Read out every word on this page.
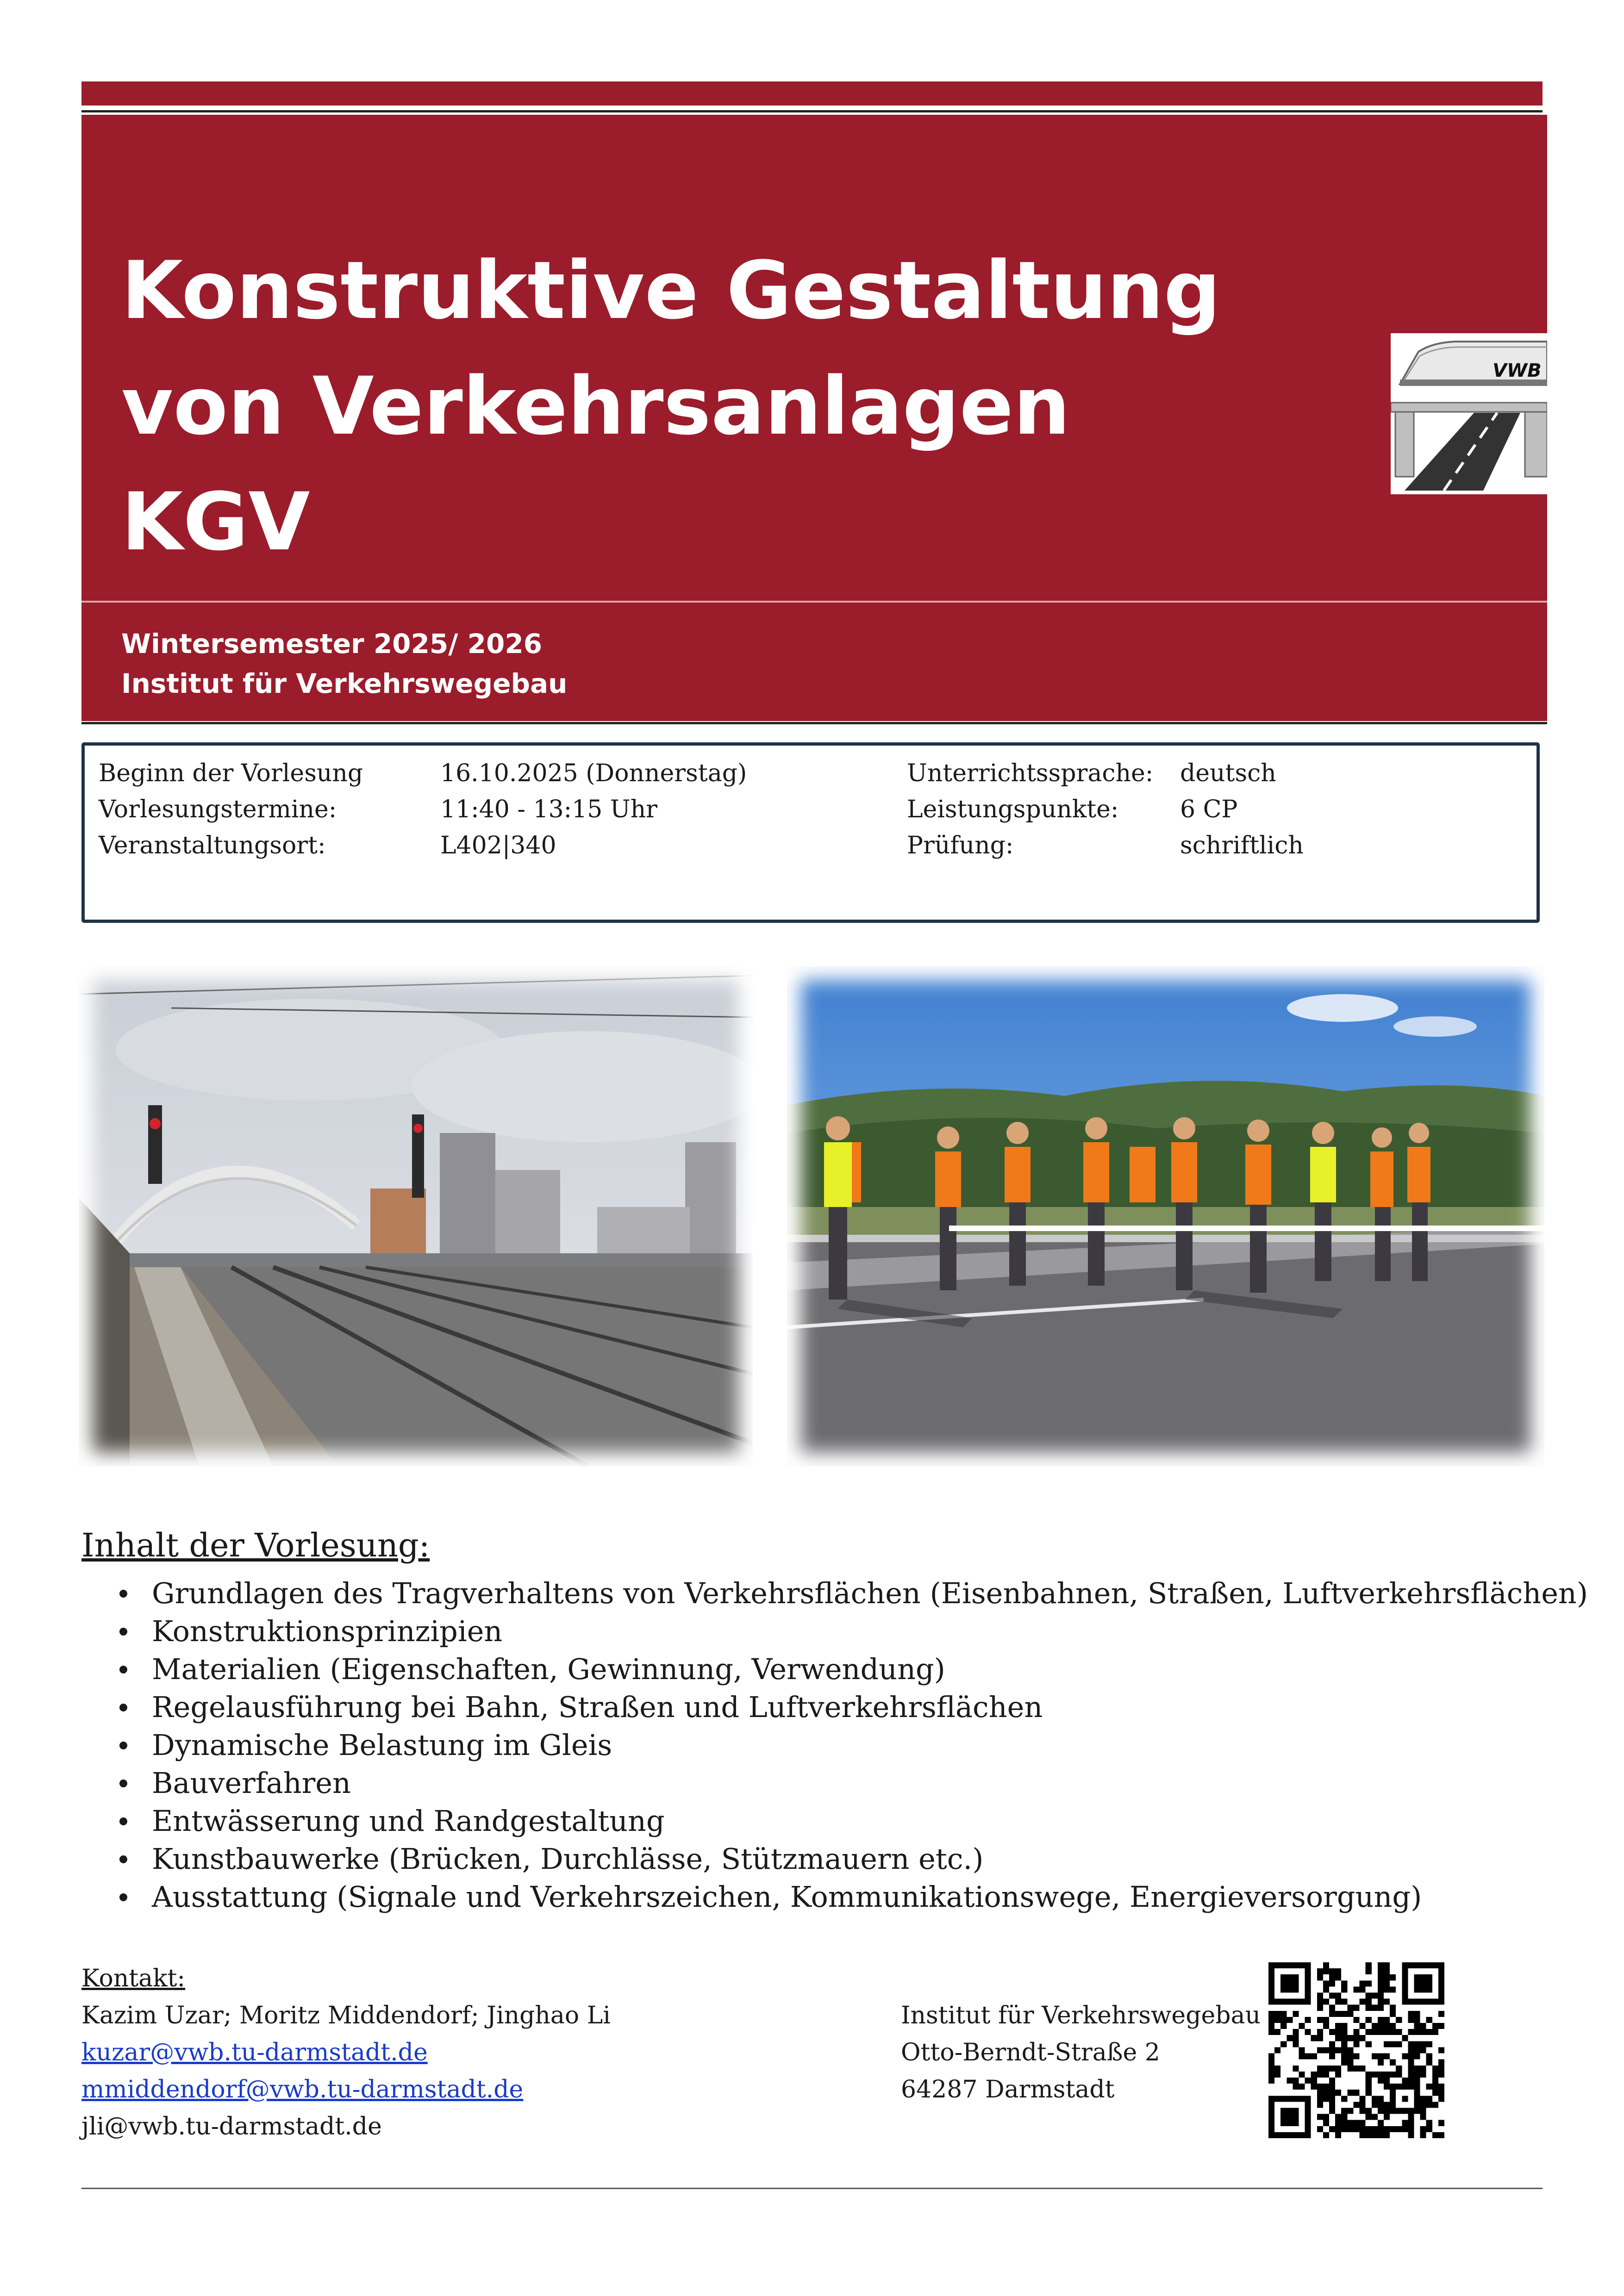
Konstruktive Gestaltung
von Verkehrsanlagen
KGV
Wintersemester 2025/ 2026
Institut für Verkehrswegebau
VWB
Beginn der Vorlesung	16.10.2025 (Donnerstag)	Unterrichtssprache: deutsch
Vorlesungstermine:	11:40 - 13:15 Uhr	Leistungspunkte:	6 CP
Veranstaltungsort:	L402|340	Prüfung:	schriftlich
Inhalt der Vorlesung:
Grundlagen des Tragverhaltens von Verkehrsflächen (Eisenbahnen, Straßen, Luftverkehrsflächen)
Konstruktionsprinzipien
Materialien (Eigenschaften, Gewinnung, Verwendung)
Regelausführung bei Bahn, Straßen und Luftverkehrsflächen
Dynamische Belastung im Gleis
Bauverfahren
Entwässerung und Randgestaltung
Kunstbauwerke (Brücken, Durchlässe, Stützmauern etc.)
Ausstattung (Signale und Verkehrszeichen, Kommunikationswege, Energieversorgung)
Kontakt:
Kazim Uzar; Moritz Middendorf; Jinghao Li
kuzar@vwb.tu-darmstadt.de
mmiddendorf@vwb.tu-darmstadt.de
jli@vwb.tu-darmstadt.de
Institut für Verkehrswegebau
Otto-Berndt-Straße 2
64287 Darmstadt
